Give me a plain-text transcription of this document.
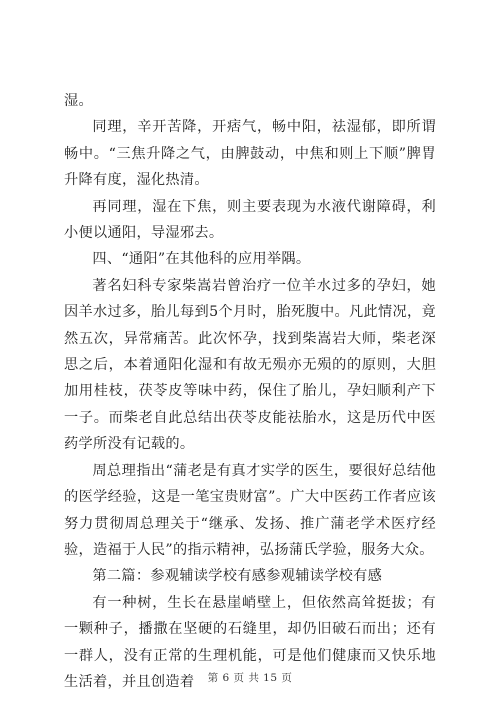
湿。

同理，辛开苦降，开痞气，畅中阳，祛湿郁，即所谓畅中。“三焦升降之气，由脾鼓动，中焦和则上下顺”脾胃升降有度，湿化热清。

再同理，湿在下焦，则主要表现为水液代谢障碍，利小便以通阳，导湿邪去。

四、“通阳”在其他科的应用举隅。

著名妇科专家柴嵩岩曾治疗一位羊水过多的孕妇，她因羊水过多，胎儿每到5个月时，胎死腹中。凡此情况，竟然五次，异常痛苦。此次怀孕，找到柴嵩岩大师，柴老深思之后，本着通阳化湿和有故无殒亦无殒的的原则，大胆加用桂枝，茯苓皮等味中药，保住了胎儿，孕妇顺利产下一子。而柴老自此总结出茯苓皮能祛胎水，这是历代中医药学所没有记载的。

周总理指出“蒲老是有真才实学的医生，要很好总结他的医学经验，这是一笔宝贵财富”。广大中医药工作者应该努力贯彻周总理关于“继承、发扬、推广蒲老学术医疗经验，造福于人民”的指示精神，弘扬蒲氏学验，服务大众。

第二篇：参观辅读学校有感参观辅读学校有感

有一种树，生长在悬崖峭壁上，但依然高耸挺拔；有一颗种子，播撒在坚硬的石缝里，却仍旧破石而出；还有一群人，没有正常的生理机能，可是他们健康而又快乐地生活着，并且创造着	第 6 页 共 15 页
